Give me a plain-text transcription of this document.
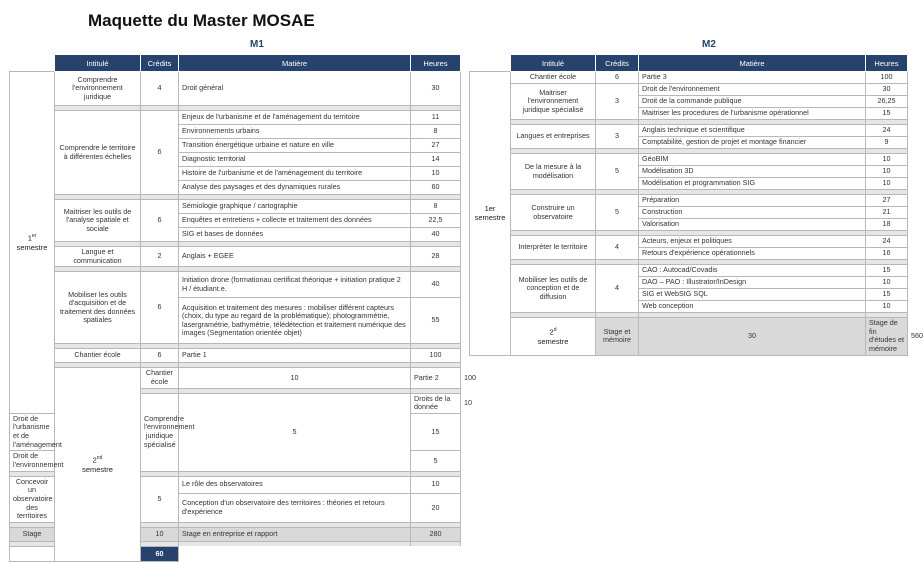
Maquette du Master MOSAE
M1	M2
	Intitulé	Crédits	Matière	Heures	
1er
semestre	Comprendre l'environnement juridique	4	Droit général	30	

	Comprendre le territoire à différentes échelles	6	Enjeux de l'urbanisme et de l'aménagement du territoire	11	
			Environnements urbains	8	
			Transition énergétique urbaine et nature en ville	27	
			Diagnostic territorial	14	
			Histoire de l'urbanisme et de l'aménagement du territoire	10	
			Analyse des paysages et des dynamiques rurales	60	

	Maitriser les outils de l'analyse spatiale et sociale	6	Sémiologie graphique / cartographie	8	
			Enquêtes et entretiens + collecte et traitement des données	22,5	
			SIG et bases de données	40	

	Langue et communication	2	Anglais + EGEE	28	

	Mobiliser les outils d'acquisition et de traitement des données spatiales	6	Initiation drone (formationau certificat théorique + initiation pratique 2 H / étudiant.e.	40	
			Acquisition et traitement des mesures : mobiliser différent capteurs (choix, du type au regard de la problématique); photogrammétrie, lasergramétrie, bathymétrie, télédétection et traitement numérique des images (Segmentation orientée objet)	55	

	Chantier école	6	Partie 1	100	

	2nd
semestre	Chantier école	10	Partie 2	100

		Comprendre l'environnement juridique spécialisé	5	Droits de la donnée	10
Droit de l'urbanisme et de l'aménagement				15	
Droit de l'environnement				5	

Concevoir un observatoire des territoires		5	Le rôle des observatoires	10	
			Conception d'un observatoire des territoires : théories et retours d'expérience	20	

Stage		10	Stage en entreprise et rapport	280	

		60			
	Intitulé	Crédits	Matière	Heures	
1er
semestre	Chantier école	6	Partie 3	100	
	Maitriser l'environnement juridique spécialisé	3	Droit de l'environnement	30	
			Droit de la commande publique	26,25	
			Maitriser les procedures de l'urbanisme opérationnel	15	

	Langues et entreprises	3	Anglais technique et scientifique	24	
			Comptabilité, gestion de projet et montage financier	9	

	De la mesure à la modélisation	5	GéoBIM	10	
			Modélisation 3D	10	
			Modélisation et programmation SIG	10	

	Construire un observatoire	5	Préparation	27	
			Construction	21	
			Valorisation	18	

	Interpréter le territoire	4	Acteurs, enjeux et politiques	24	
			Retours d'expérience opérationnels	16	

	Mobiliser les outils de conception et de diffusion	4	CAO : Autocad/Covadis	15	
			DAO – PAO : Illustrator/InDesign	10	
			SIG et WebSIG SQL	15	
			Web conception	10	

	2$^d$
semestre	Stage et mémoire	30	Stage de fin d'études et mémoire	560
